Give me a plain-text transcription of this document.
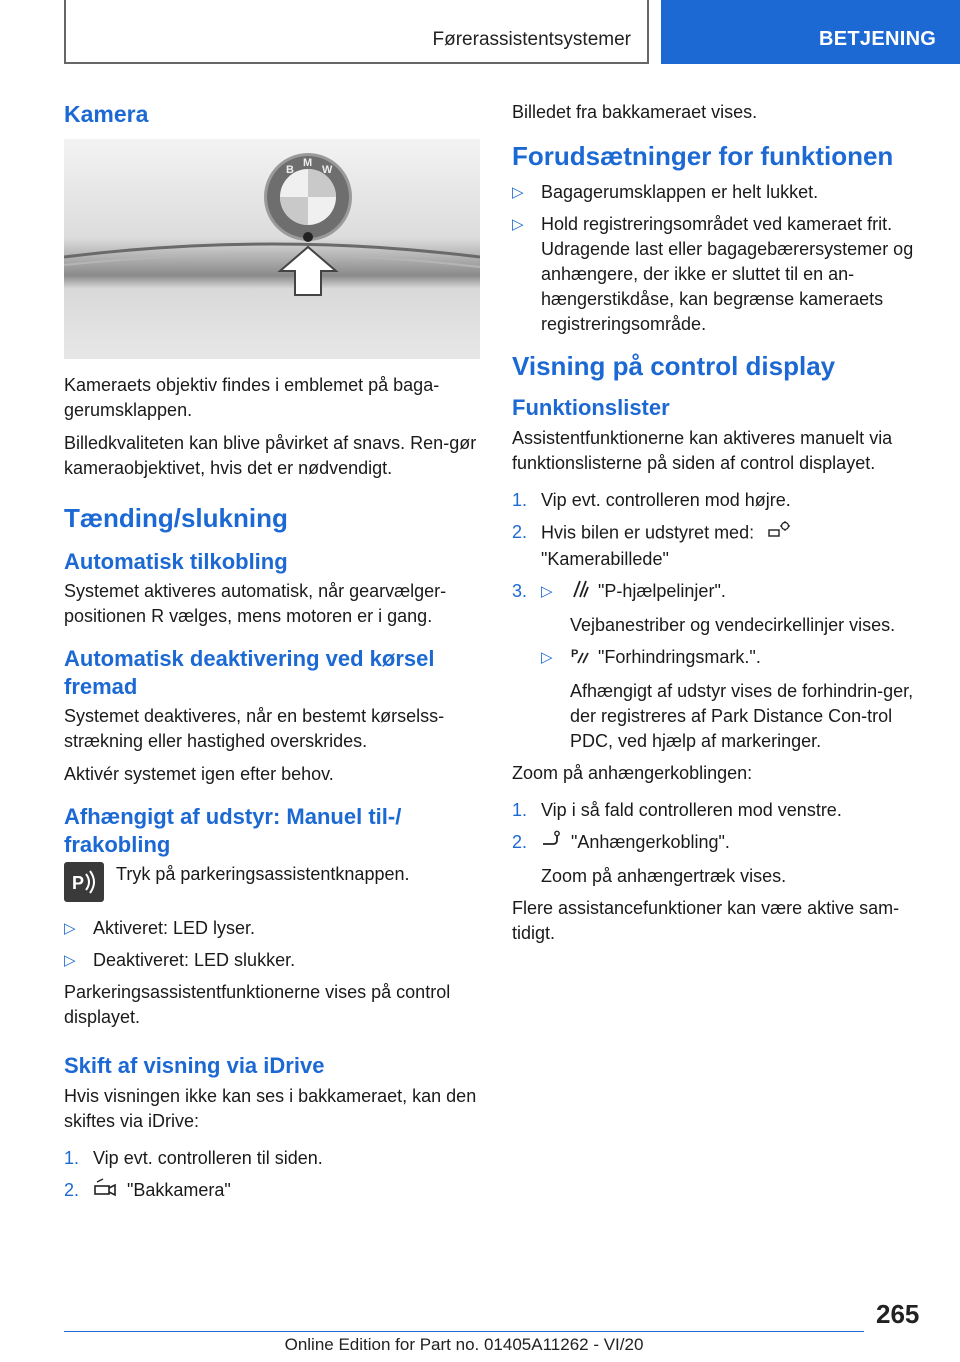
Førerassistentsystemer	BETJENING
Kamera
B
M
W

Kameraets objektiv findes i emblemet på baga-gerumsklappen.

Billedkvaliteten kan blive påvirket af snavs. Ren-gør kameraobjektivet, hvis det er nødvendigt.

Tænding/slukning
Automatisk tilkobling

Systemet aktiveres automatisk, når gearvælger-positionen R vælges, mens motoren er i gang.

Automatisk deaktivering ved kørsel fremad

Systemet deaktiveres, når en bestemt kørselss-strækning eller hastighed overskrides.

Aktivér systemet igen efter behov.

Afhængigt af udstyr: Manuel til-/ frakobling
P Tryk på parkeringsassistentknappen.
▷ Aktiveret: LED lyser.
▷ Deaktiveret: LED slukker.

Parkeringsassistentfunktionerne vises på control displayet.

Skift af visning via iDrive

Hvis visningen ikke kan ses i bakkameraet, kan den skiftes via iDrive:

1. Vip evt. controlleren til siden.
2.	"Bakkamera"

Billedet fra bakkameraet vises.

Forudsætninger for funktionen
▷ Bagagerumsklappen er helt lukket.
▷ Hold registreringsområdet ved kameraet frit. Udragende last eller bagagebærersystemer og anhængere, der ikke er sluttet til en an-hængerstikdåse, kan begrænse kameraets registreringsområde.
Visning på control display
Funktionslister

Assistentfunktionerne kan aktiveres manuelt via funktionslisterne på siden af control displayet.

1. Vip evt. controlleren mod højre.
2. Hvis bilen er udstyret med:
"Kamerabillede"
3. ▷	"P-hjælpelinjer".
Vejbanestriber og vendecirkellinjer vises.
▷	P "Forhindringsmark.".
Afhængigt af udstyr vises de forhindrin-ger, der registreres af Park Distance Con-trol PDC, ved hjælp af markeringer.

Zoom på anhængerkoblingen:

1. Vip i så fald controlleren mod venstre.
2.	"Anhængerkobling".
Zoom på anhængertræk vises.

Flere assistancefunktioner kan være aktive sam-tidigt.

265
Online Edition for Part no. 01405A11262 - VI/20
